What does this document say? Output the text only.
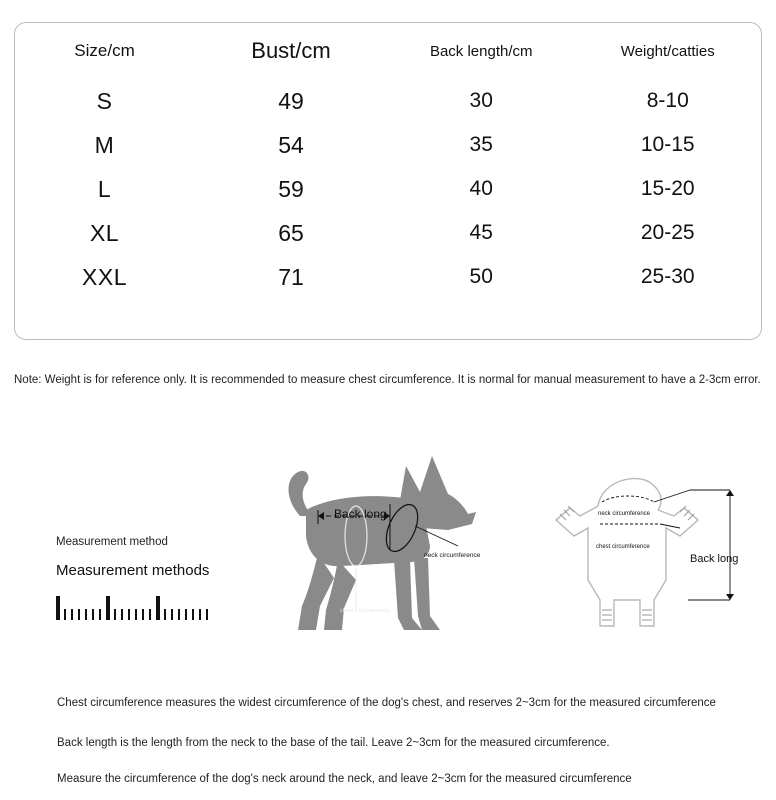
Size/cm	Bust/cm	Back length/cm	Weight/catties
S	49	30	8-10
M	54	35	10-15
L	59	40	15-20
XL	65	45	20-25
XXL	71	50	25-30
Note: Weight is for reference only. It is recommended to measure chest circumference. It is normal for manual measurement to have a 2-3cm error.
Measurement method
Measurement methods
Back long
neck circumference
chest circumference
neck circumference
chest circumference
Back long
Chest circumference measures the widest circumference of the dog's chest, and reserves 2~3cm for the measured circumference
Back length is the length from the neck to the base of the tail. Leave 2~3cm for the measured circumference.
Measure the circumference of the dog's neck around the neck, and leave 2~3cm for the measured circumference
